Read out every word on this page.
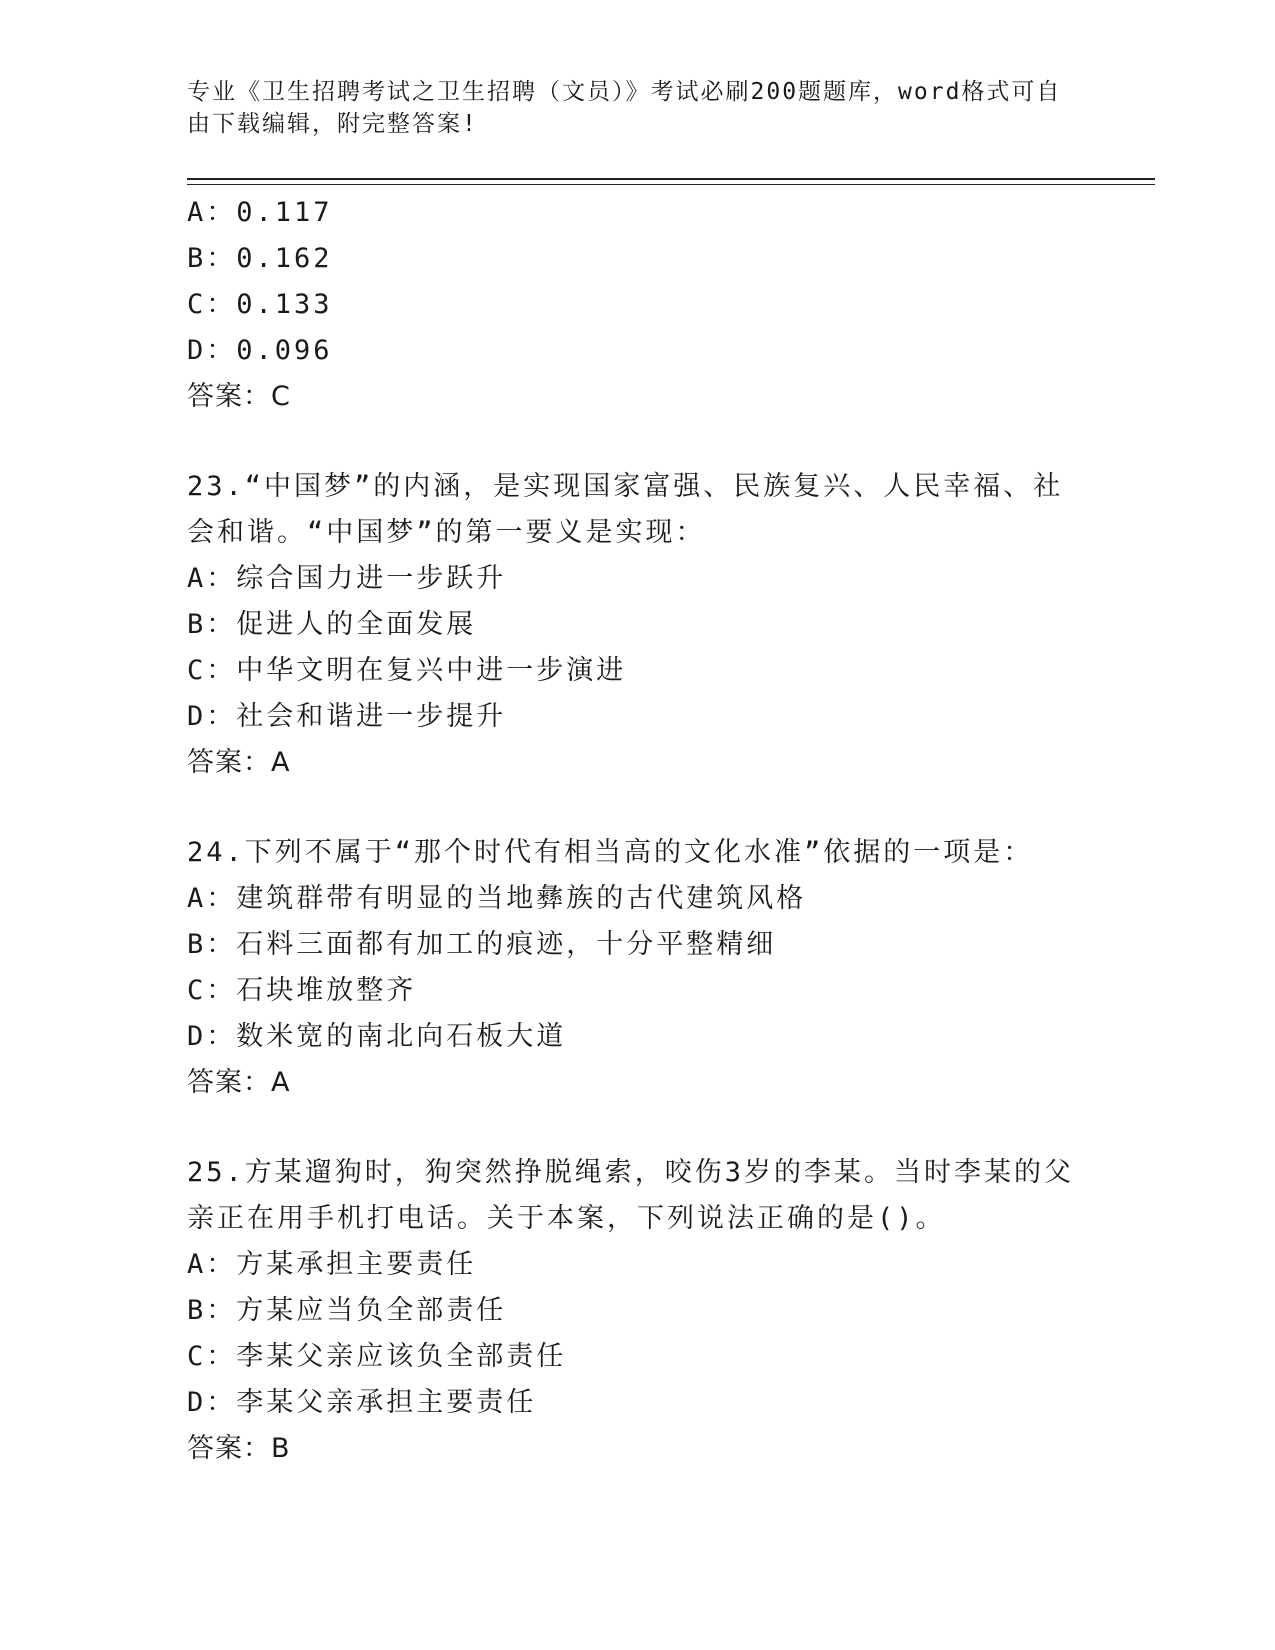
专业《卫生招聘考试之卫生招聘（文员）》考试必刷200题题库，word格式可自由下载编辑，附完整答案!
A：0.117
B：0.162
C：0.133
D：0.096
答案：C
23.“中国梦”的内涵，是实现国家富强、民族复兴、人民幸福、社会和谐。“中国梦”的第一要义是实现：
A：综合国力进一步跃升
B：促进人的全面发展
C：中华文明在复兴中进一步演进
D：社会和谐进一步提升
答案：A
24.下列不属于“那个时代有相当高的文化水准”依据的一项是：
A：建筑群带有明显的当地彝族的古代建筑风格
B：石料三面都有加工的痕迹，十分平整精细
C：石块堆放整齐
D：数米宽的南北向石板大道
答案：A
25.方某遛狗时，狗突然挣脱绳索，咬伤3岁的李某。当时李某的父亲正在用手机打电话。关于本案，下列说法正确的是()。
A：方某承担主要责任
B：方某应当负全部责任
C：李某父亲应该负全部责任
D：李某父亲承担主要责任
答案：B
